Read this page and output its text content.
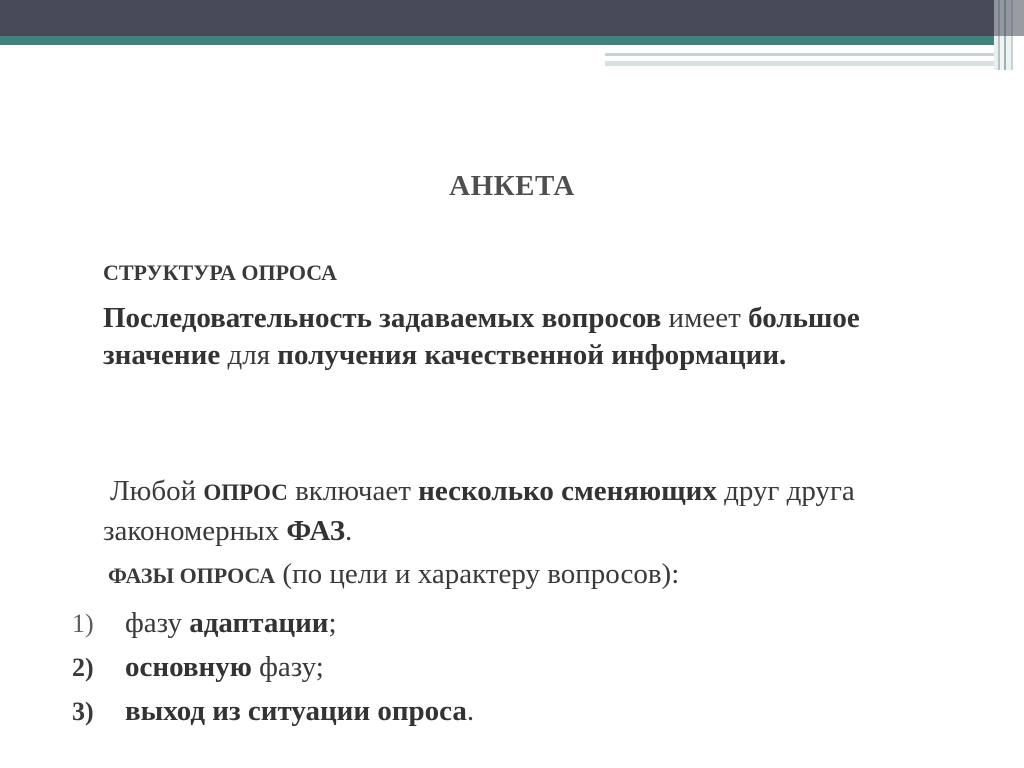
АНКЕТА
СТРУКТУРА ОПРОСА
Последовательность задаваемых вопросов имеет большое значение для получения качественной информации.
Любой ОПРОС включает несколько сменяющих друг друга закономерных ФАЗ.
ФАЗЫ ОПРОСА (по цели и характеру вопросов):
1) фазу адаптации;
2) основную фазу;
3) выход из ситуации опроса.
